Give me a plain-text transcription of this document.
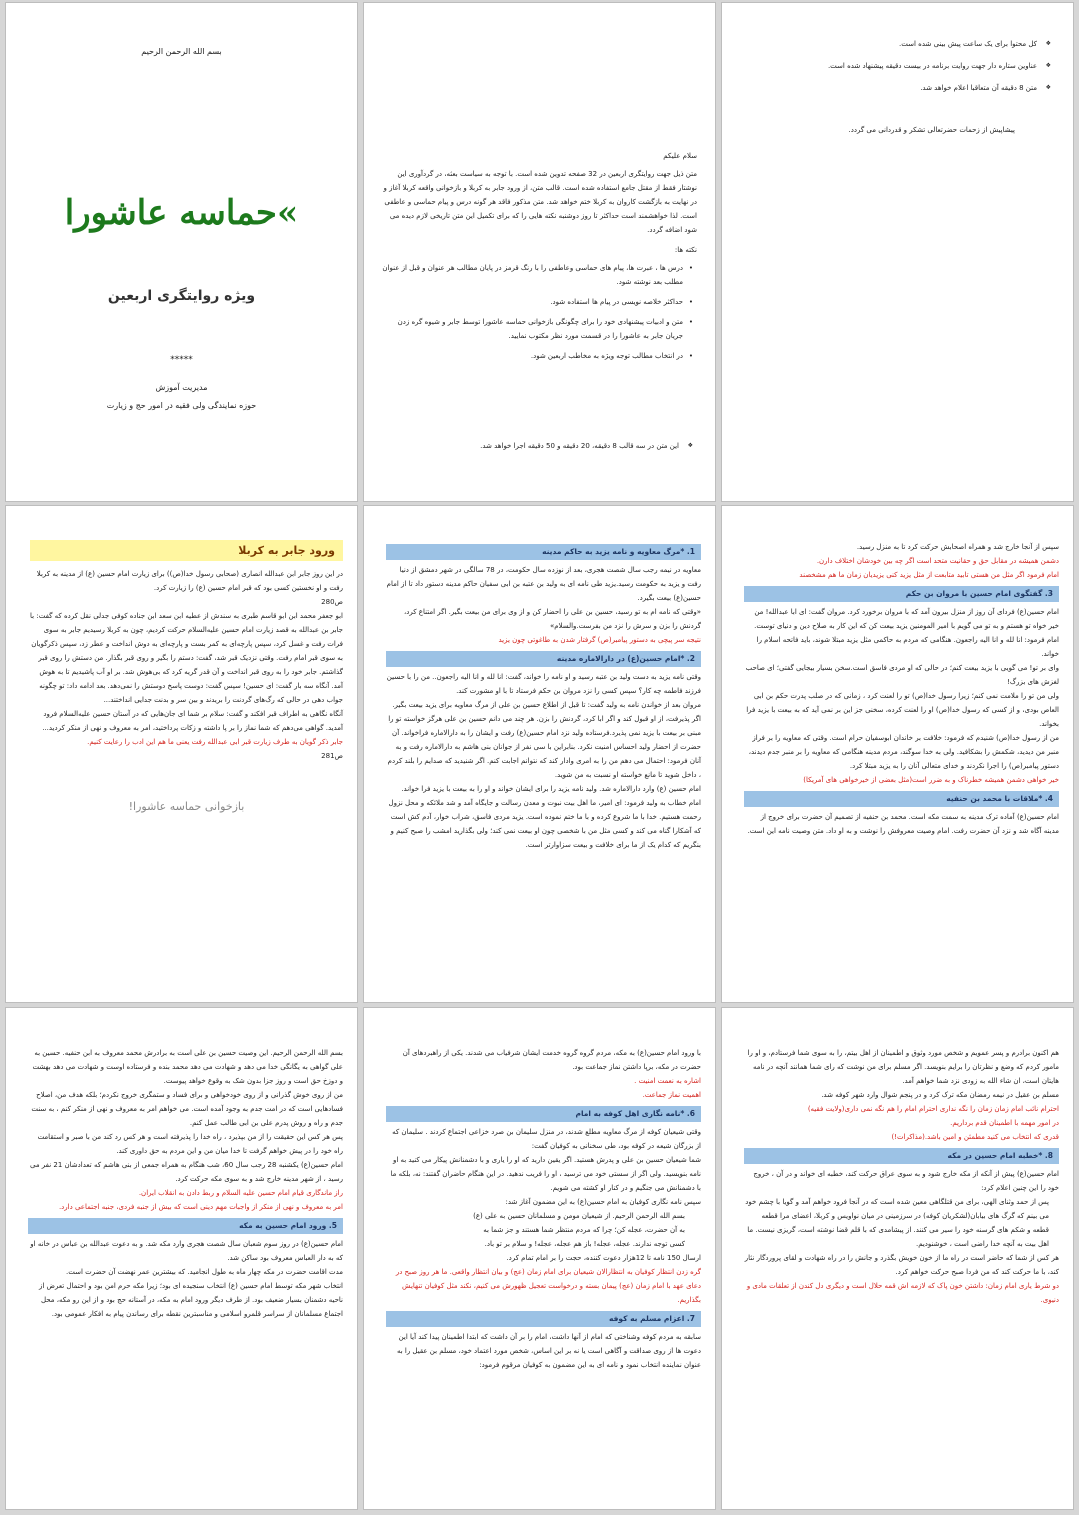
بسم الله الرحمن الرحیم
»حماسه عاشورا
ویژه روایتگری اربعین
*****
مدیریت آموزش
حوزه نمایندگی ولی فقیه در امور حج و زیارت

سلام علیکم

متن ذیل جهت روایتگری اربعین در 32 صفحه تدوین شده است. با توجه به سیاست بعثه، در گردآوری این نوشتار فقط از مقتل جامع استفاده شده است. قالب متن، از ورود جابر به کربلا و بازخوانی واقعه کربلا آغاز و در نهایت به بازگشت کاروان به کربلا ختم خواهد شد. متن مذکور فاقد هر گونه درس و پیام حماسی و عاطفی است. لذا خواهشمند است حداکثر تا روز دوشنبه نکته هایی را که برای تکمیل این متن تاریخی لازم دیده می شود اضافه گردد.

نکته ها:

• درس ها ، عبرت ها، پیام های حماسی وعاطفی را با رنگ قرمز در پایان مطالب هر عنوان و قبل از عنوان مطلب بعد نوشته شود.
• حداکثر خلاصه نویسی در پیام ها استفاده شود.
• متن و ادبیات پیشنهادی خود را برای چگونگی بازخوانی حماسه عاشورا توسط جابر و شیوه گره زدن جریان جابر به عاشورا را در قسمت مورد نظر مکتوب نمایید.
• در انتخاب مطالب توجه ویژه به مخاطب اربعین شود.
❖ این متن در سه قالب 8 دقیقه، 20 دقیقه و 50 دقیقه اجرا خواهد شد.
❖ کل محتوا برای یک ساعت پیش بینی شده است.
❖ عناوین ستاره دار جهت روایت برنامه در بیست دقیقه پیشنهاد شده است.
❖ متن 8 دقیقه آن متعاقبا اعلام خواهد شد.

پیشاپیش از زحمات حضرتعالی تشکر و قدردانی می گردد.

ورود جابر به کربلا

در این روز جابر ابن عبدالله انصاری (صحابی رسول خدا(ص)) برای زیارت امام حسین (ع) از مدینه به کربلا رفت و او نخستین کسی بود که قبر امام حسین (ع) را زیارت کرد.

ص280

ابو جعفر محمد ابن ابو قاسم طبری به سندش از عطیه ابن سعد ابن جناده کوفی جدلی نقل کرده که گفت: با جابر بن عبدالله به قصد زیارت امام حسین علیه‌السلام حرکت کردیم، چون به کربلا رسیدیم جابر به سوی فرات رفت و غسل کرد، سپس پارچه‌ای به کمر بست و پارچه‌ای به دوش انداخت و عطر زد، سپس ذکرگویان به سوی قبر امام رفت. وقتی نزدیک قبر شد، گفت: دستم را بگیر و روی قبر بگذار. من دستش را روی قبر گذاشتم. جابر خود را به روی قبر انداخت و آن قدر گریه کرد که بی‌هوش شد. بر او آب پاشیدیم تا به هوش آمد. آنگاه سه بار گفت: ای حسین! سپس گفت: دوست پاسخ دوستش را نمی‌دهد. بعد ادامه داد: تو چگونه جواب دهی در حالی که رگ‌های گردنت را بریدند و بین سر و بدنت جدایی انداختند...

آنگاه نگاهی به اطراف قبر افکند و گفت: سلام بر شما ای جان‌هایی که در آستان حسین علیه‌السلام فرود آمدید. گواهی می‌دهم که شما نماز را بر پا داشته و زکات پرداختید، امر به معروف و نهی از منکر کردید... جابر ذکر گویان به طرف زیارت قبر ابی عبدالله رفت یعنی ما هم این ادب را رعایت کنیم.

ص281

بازخوانی حماسه عاشورا!

1. *مرگ معاویه و نامه یزید به حاکم مدینه

معاویه در نیمه رجب سال شصت هجری، بعد از نوزده سال حکومت، در 78 سالگی در شهر دمشق از دنیا رفت و یزید به حکومت رسید.یزید طی نامه ای به ولید بن عتبه بن ابی سفیان حاکم مدینه دستور داد تا از امام حسین(ع) بیعت بگیرد.

«وقتی که نامه ام به تو رسید، حسین بن علی را احضار کن و از وی برای من بیعت بگیر. اگر امتناع کرد، گردنش را بزن و سرش را نزد من بفرست.والسلام»

نتیجه سر پیچی به دستور پیامبر(ص) گرفتار شدن به طاغوتی چون یزید

2. *امام حسین(ع) در دارالاماره مدینه

وقتی نامه یزید به دست ولید بن عتبه رسید و او نامه را خواند، گفت: انا لله و انا الیه راجعون.. من را با حسین فرزند فاطمه چه کار؟ سپس کسی را نزد مروان بن حکم فرستاد تا با او مشورت کند.

مروان بعد از خواندن نامه به ولید گفت: تا قبل از اطلاع حسین بن علی از مرگ معاویه برای یزید بیعت بگیر. اگر پذیرفت، از او قبول کند و اگر ابا کرد، گردنش را بزن. هر چند می دانم حسین بن علی هرگز خواسته تو را مبنی بر بیعت با یزید نمی پذیرد.فرستاده ولید نزد امام حسین(ع) رفت و ایشان را به دارالاماره فراخواند. آن حضرت از احضار ولید احساس امنیت نکرد. بنابراین با سی نفر از جوانان بنی هاشم به دارالاماره رفت و به آنان فرمود: احتمال می دهم من را به امری وادار کند که نتوانم اجابت کنم. اگر شنیدید که صدایم را بلند کردم ، داخل شوید تا مانع خواسته او نسبت به من شوید.

امام حسین (ع) وارد دارالاماره شد. ولید نامه یزید را برای ایشان خواند و او را به بیعت با یزید فرا خواند.

امام خطاب به ولید فرمود: ای امیر، ما اهل بیت نبوت و معدن رسالت و جایگاه آمد و شد ملائکه و محل نزول رحمت هستیم. خدا با ما شروع کرده و با ما ختم نموده است. یزید مردی فاسق، شراب خوار، آدم کش است که آشکارا گناه می کند و کسی مثل من با شخصی چون او بیعت نمی کند؛ ولی بگذارید امشب را صبح کنیم و بنگریم که کدام یک از ما برای خلافت و بیعت سزاوارتر است.

سپس از آنجا خارج شد و همراه اصحابش حرکت کرد تا به منزل رسید.

دشمن همیشه در مقابل حق و حقانیت متحد است اگر چه بین خودشان اختلاف دارن.

امام فرمود اگر مثل من هستی تابید متابعت از مثل یزید کنی یزیدیان زمان ما هم مشخصند

3. گفتگوی امام حسین با مروان بن حکم

امام حسین(ع) فردای آن روز از منزل بیرون آمد که با مروان برخورد کرد. مروان گفت: ای ابا عبدالله! من خیر خواه تو هستم و به تو می گویم با امیر المومنین یزید بیعت کن که این کار به صلاح دین و دنیای توست.

امام فرمود: انا لله و انا الیه راجعون. هنگامی که مردم به حاکمی مثل یزید مبتلا شوند، باید فاتحه اسلام را خواند.

وای بر تو! می گویی با یزید بیعت کنم؛ در حالی که او مردی فاسق است.سخن بسیار بیجایی گفتی؛ ای صاحب لغزش های بزرگ!

ولی من تو را ملامت نمی کنم؛ زیرا رسول خدا(ص) تو را لعنت کرد ، زمانی که در صلب پدرت حکم بن ابی العاص بودی، و از کسی که رسول خدا(ص) او را لعنت کرده، سخنی جز این بر نمی آید که به بیعت با یزید فرا بخواند.

من از رسول خدا(ص) شنیدم که فرمود: خلافت بر خاندان ابوسفیان حرام است. وقتی که معاویه را بر فراز منبر من دیدید، شکمش را بشکافید. ولی به خدا سوگند، مردم مدینه هنگامی که معاویه را بر منبر جدم دیدند، دستور پیامبر(ص) را اجرا نکردند و خدای متعالی آنان را به یزید مبتلا کرد.

خیر خواهی دشمن همیشه خطرناک و به ضرر است(مثل بعضی از خیرخواهی های آمریکا)

4. *ملاقات با محمد بن حنفیه

امام حسین(ع) آماده ترک مدینه به سمت مکه است. محمد بن حنفیه از تصمیم آن حضرت برای خروج از مدینه آگاه شد و نزد آن حضرت رفت. امام وصیت معروفش را نوشت و به او داد. متن وصیت نامه این است.

بسم الله الرحمن الرحیم. این وصیت حسین بن علی است به برادرش محمد معروف به ابن حنفیه. حسین به علی گواهی به یگانگی خدا می دهد و شهادت می دهد محمد بنده و فرستاده اوست و شهادت می دهد بهشت و دوزخ حق است و روز جزا بدون شک به وقوع خواهد پیوست.

من از روی خوش گذرانی و از روی خودخواهی و برای فساد و ستمگری خروج نکردم؛ بلکه هدف من، اصلاح فسادهایی است که در امت جدم به وجود آمده است. می خواهم امر به معروف و نهی از منکر کنم ، به سنت جدم و راه و روش پدرم علی بن ابی طالب عمل کنم.

پس هر کس این حقیقت را از من بپذیرد ، راه خدا را پذیرفته است و هر کس رد کند من با صبر و استقامت راه خود را در پیش خواهم گرفت تا خدا میان من و این مردم به حق داوری کند.

امام حسین(ع) یکشنبه 28 رجب سال 60، شب هنگام به همراه جمعی از بنی هاشم که تعدادشان 21 نفر می رسید ، از شهر مدینه خارج شد و به سوی مکه حرکت کرد.

راز ماندگاری قیام امام حسین علیه السلام و ربط دادن به انقلاب ایران.

امر به معروف و نهی از منکر از واجبات مهم دینی است که بیش از جنبه فردی، جنبه اجتماعی دارد.

5. ورود امام حسین به مکه

امام حسین(ع) در روز سوم شعبان سال شصت هجری وارد مکه شد. و به دعوت عبدالله بن عباس در خانه او که به دار العباس معروف بود ساکن شد.

مدت اقامت حضرت در مکه چهار ماه به طول انجامید. که بیشترین عمر نهضت آن حضرت است.

انتخاب شهر مکه توسط امام حسین (ع) انتخاب سنجیده ای بود؛ زیرا مکه حرم امن بود و احتمال تعرض از ناحیه دشمنان بسیار ضعیف بود. از طرف دیگر ورود امام به مکه، در آستانه حج بود و از این رو مکه، محل اجتماع مسلمانان از سراسر قلمرو اسلامی و مناسبترین نقطه برای رساندن پیام به افکار عمومی بود.

با ورود امام حسین(ع) به مکه، مردم گروه گروه خدمت ایشان شرفیاب می شدند. یکی از راهبردهای آن حضرت در مکه، برپا داشتن نماز جماعت بود.

اشاره به نعمت امنیت .

اهمیت نماز جماعت.

6. *نامه نگاری اهل کوفه به امام

وقتی شیعیان کوفه از مرگ معاویه مطلع شدند، در منزل سلیمان بن صرد خزاعی اجتماع کردند . سلیمان که از بزرگان شیعه در کوفه بود، طی سخنانی به کوفیان گفت:

شما شیعیان حسین بن علی و پدرش هستید. اگر یقین دارید که او را یاری و با دشمنانش پیکار می کنید به او نامه بنویسید. ولی اگر از سستی خود می ترسید ، او را فریب ندهید. در این هنگام حاضران گفتند: نه، بلکه ما با دشمنانش می جنگیم و در کنار او کشته می شویم.

سپس نامه نگاری کوفیان به امام حسین(ع) به این مضمون آغاز شد:

بسم الله الرحمن الرحیم. از شیعیان مومن و مسلمانان حسین به علی (ع)

به آن حضرت، عجله کن؛ چرا که مردم منتظر شما هستند و جز شما به

کسی توجه ندارند. عجله، عجله! باز هم عجله، عجله! و سلام بر تو باد.

ارسال 150 نامه تا 12هزار دعوت کننده، حجت را بر امام تمام کرد.

گره زدن انتظار کوفیان به انتظارالان شیعیان برای امام زمان (عج) و بیان انتظار واقعی. ما هر روز صبح در دعای عهد با امام زمان (عج) پیمان بسته و درخواست تعجیل ظهورش می کنیم، نکند مثل کوفیان تنهایش بگذاریم.

7. اعزام مسلم به کوفه

سابقه به مردم کوفه وشناختی که امام از آنها داشت، امام را بر آن داشت که ابتدا اطمینان پیدا کند آیا این دعوت ها از روی صداقت و آگاهی است یا نه بر این اساس، شخص مورد اعتماد خود، مسلم بن عقیل را به عنوان نماینده انتخاب نمود و نامه ای به این مضمون به کوفیان مرقوم فرمود:

هم اکنون برادرم و پسر عمویم و شخص مورد وثوق و اطمینان از اهل بیتم، را به سوی شما فرستادم، و او را مامور کردم که وضع و نظرتان را برایم بنویسد. اگر مسلم برای من نوشت که رای شما همانند آنچه در نامه هایتان است، ان شاء الله به زودی نزد شما خواهم آمد.

مسلم بن عقیل در نیمه رمضان مکه ترک کرد و در پنجم شوال وارد شهر کوفه شد.

احترام نائب امام زمان زمان را نگه نداری احترام امام را هم نگه نمی داری(ولایت فقیه)

در امور مهمه با اطمینان قدم برداریم.

قدری که انتخاب می کنید مطمئن و امین باشد.(مذاکرات!)

8. *خطبه امام حسین در مکه

امام حسین(ع) پیش از آنکه از مکه خارج شود و به سوی عراق حرکت کند، خطبه ای خواند و در آن ، خروج خود را این چنین اعلام کرد:

پس از حمد وثنای الهی، برای من قتلگاهی معین شده است که در آنجا فرود خواهم آمد و گویا با چشم خود می بینم که گرگ های بیابان(لشکریان کوفه) در سرزمینی در میان نواویس و کربلا، اعضای مرا قطعه قطعه و شکم های گرسنه خود را سیر می کنند. از پیشامدی که با قلم قضا نوشته است، گریزی نیست. ما اهل بیت به آنچه خدا راضی است ، خوشنودیم.

هر کس از شما که حاضر است در راه ما از خون خویش بگذرد و جانش را در راه شهادت و لقای پروردگار نثار کند، با ما حرکت کند که من فردا صبح حرکت خواهم کرد.

دو شرط یاری امام زمان: داشتن خون پاک که لازمه اش قمه حلال است و دیگری دل کندن از تعلقات مادی و دنیوی.
